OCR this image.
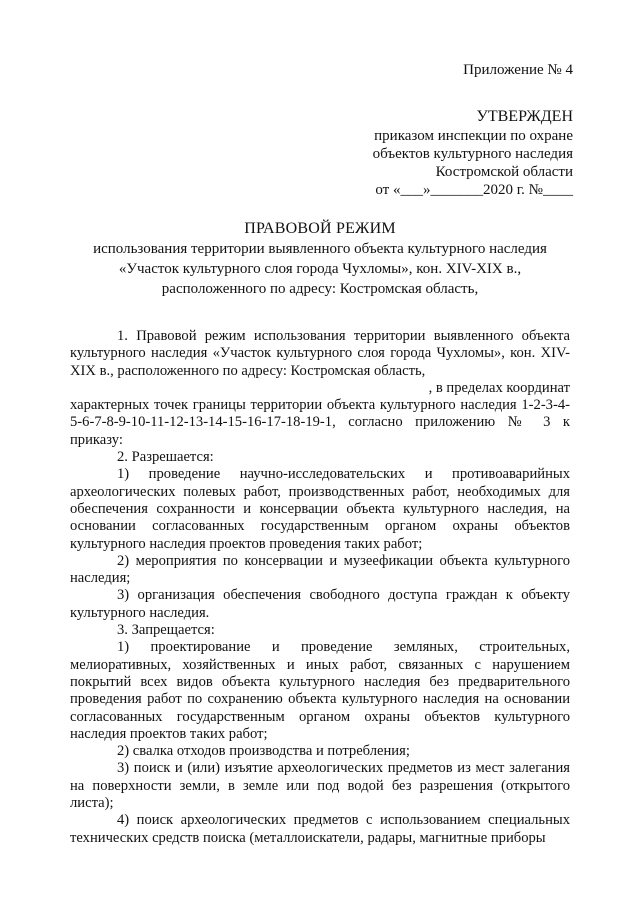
Приложение № 4
УТВЕРЖДЕН
приказом инспекции по охране
объектов культурного наследия
Костромской области
от «___»_______2020 г. №____
ПРАВОВОЙ РЕЖИМ
использования территории выявленного объекта культурного наследия
«Участок культурного слоя города Чухломы», кон. XIV-XIX в.,
расположенного по адресу: Костромская область,

1. Правовой режим использования территории выявленного объекта культурного наследия «Участок культурного слоя города Чухломы», кон. XIV-XIX в., расположенного по адресу: Костромская область,

, в пределах координат

характерных точек границы территории объекта культурного наследия 1-2-3-4-5-6-7-8-9-10-11-12-13-14-15-16-17-18-19-1, согласно приложению № 3 к приказу:

2. Разрешается:

1) проведение научно-исследовательских и противоаварийных археологических полевых работ, производственных работ, необходимых для обеспечения сохранности и консервации объекта культурного наследия, на основании согласованных государственным органом охраны объектов культурного наследия проектов проведения таких работ;

2) мероприятия по консервации и музеефикации объекта культурного наследия;

3) организация обеспечения свободного доступа граждан к объекту культурного наследия.

3. Запрещается:

1) проектирование и проведение земляных, строительных, мелиоративных, хозяйственных и иных работ, связанных с нарушением покрытий всех видов объекта культурного наследия без предварительного проведения работ по сохранению объекта культурного наследия на основании согласованных государственным органом охраны объектов культурного наследия проектов таких работ;

2) свалка отходов производства и потребления;

3) поиск и (или) изъятие археологических предметов из мест залегания на поверхности земли, в земле или под водой без разрешения (открытого листа);

4) поиск археологических предметов с использованием специальных технических средств поиска (металлоискатели, радары, магнитные приборы
